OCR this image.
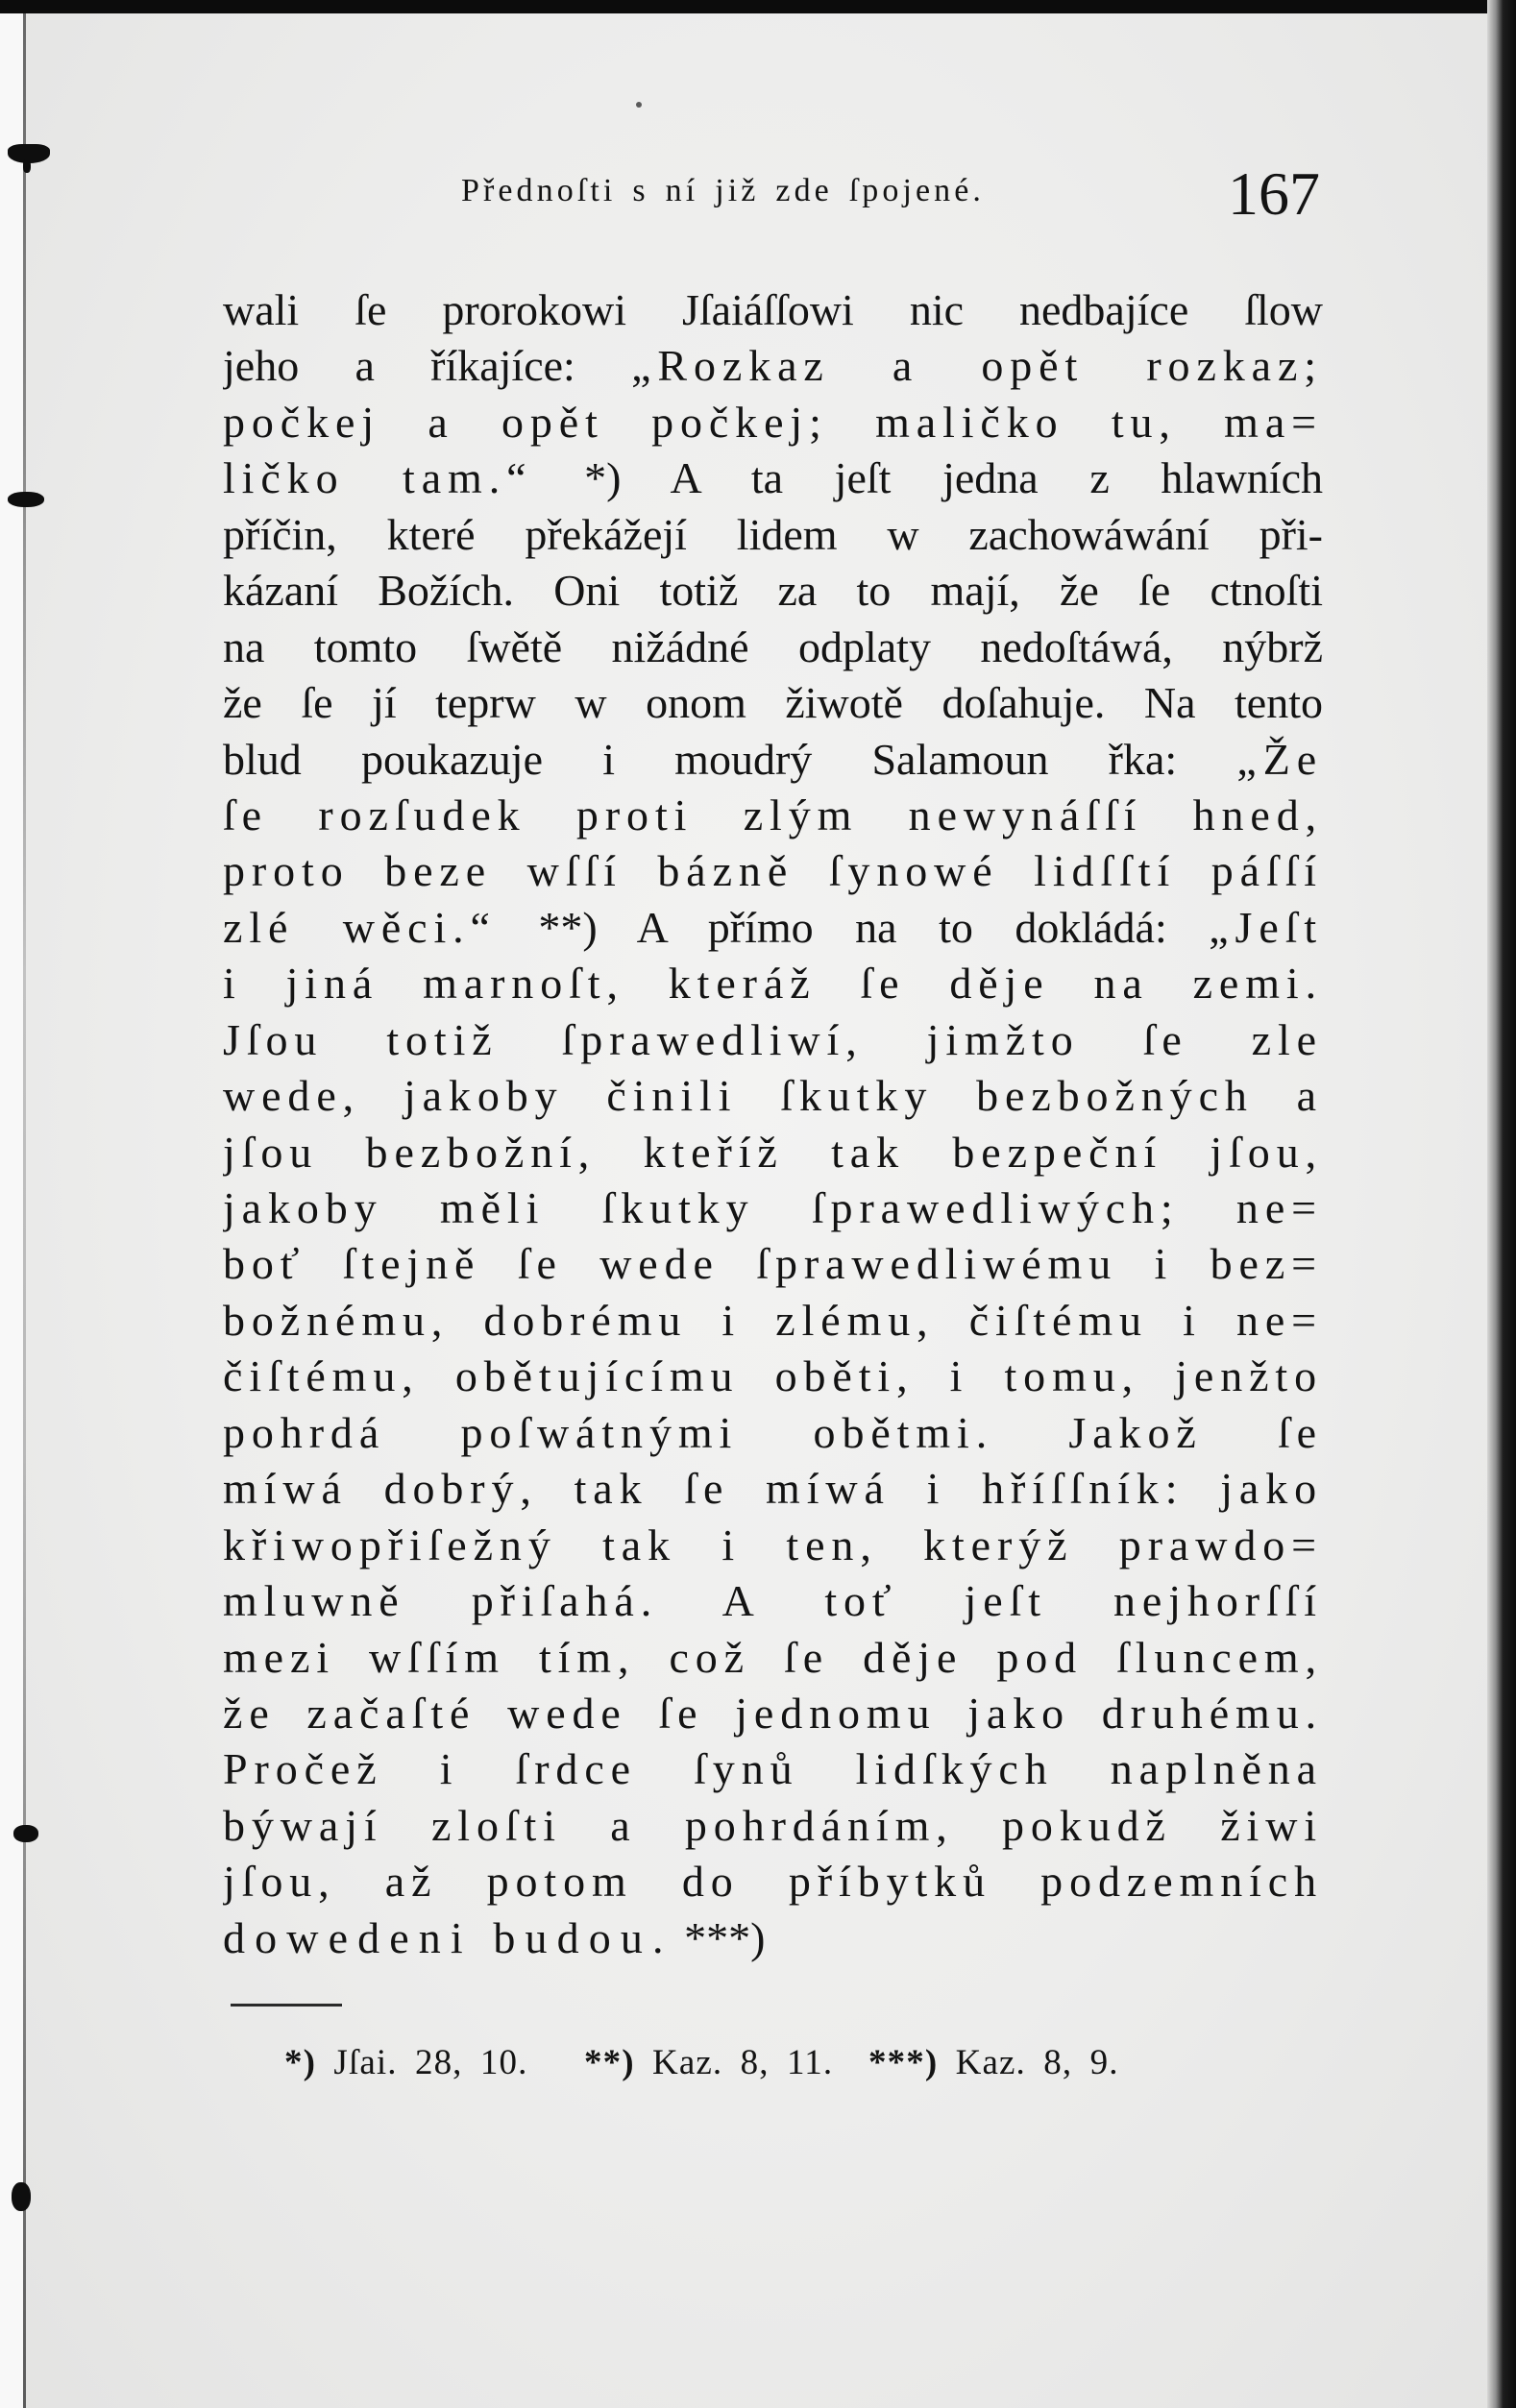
Přednoſti s ní již zde ſpojené.	167
wali ſe prorokowi Jſaiáſſowi nic nedbajíce ſlow
jeho a říkajíce: „Rozkaz a opět rozkaz;
počkej a opět počkej; maličko tu, ma=
ličko tam.“ *) A ta jeſt jedna z hlawních
příčin, které překážejí lidem w zachowáwání při-
kázaní Božích. Oni totiž za to mají, že ſe ctnoſti
na tomto ſwětě nižádné odplaty nedoſtáwá, nýbrž
že ſe jí teprw w onom žiwotě doſahuje. Na tento
blud poukazuje i moudrý Salamoun řka: „Že
ſe rozſudek proti zlým newynáſſí hned,
proto beze wſſí bázně ſynowé lidſſtí páſſí
zlé wěci.“ **) A přímo na to dokládá: „Jeſt
i jiná marnoſt, kteráž ſe děje na zemi.
Jſou totiž ſprawedliwí, jimžto ſe zle
wede, jakoby činili ſkutky bezbožných a
jſou bezbožní, kteříž tak bezpeční jſou,
jakoby měli ſkutky ſprawedliwých; ne=
boť ſtejně ſe wede ſprawedliwému i bez=
božnému, dobrému i zlému, čiſtému i ne=
čiſtému, obětujícímu oběti, i tomu, jenžto
pohrdá poſwátnými obětmi. Jakož ſe
míwá dobrý, tak ſe míwá i hříſſník: jako
křiwopřiſežný tak i ten, kterýž prawdo=
mluwně přiſahá. A toť jeſt nejhorſſí
mezi wſſím tím, což ſe děje pod ſluncem,
že začaſté wede ſe jednomu jako druhému.
Pročež i ſrdce ſynů lidſkých naplněna
býwají zloſti a pohrdáním, pokudž žiwi
jſou, až potom do příbytků podzemních
dowedeni budou. ***)
*) Jſai. 28, 10. **) Kaz. 8, 11. ***) Kaz. 8, 9.
